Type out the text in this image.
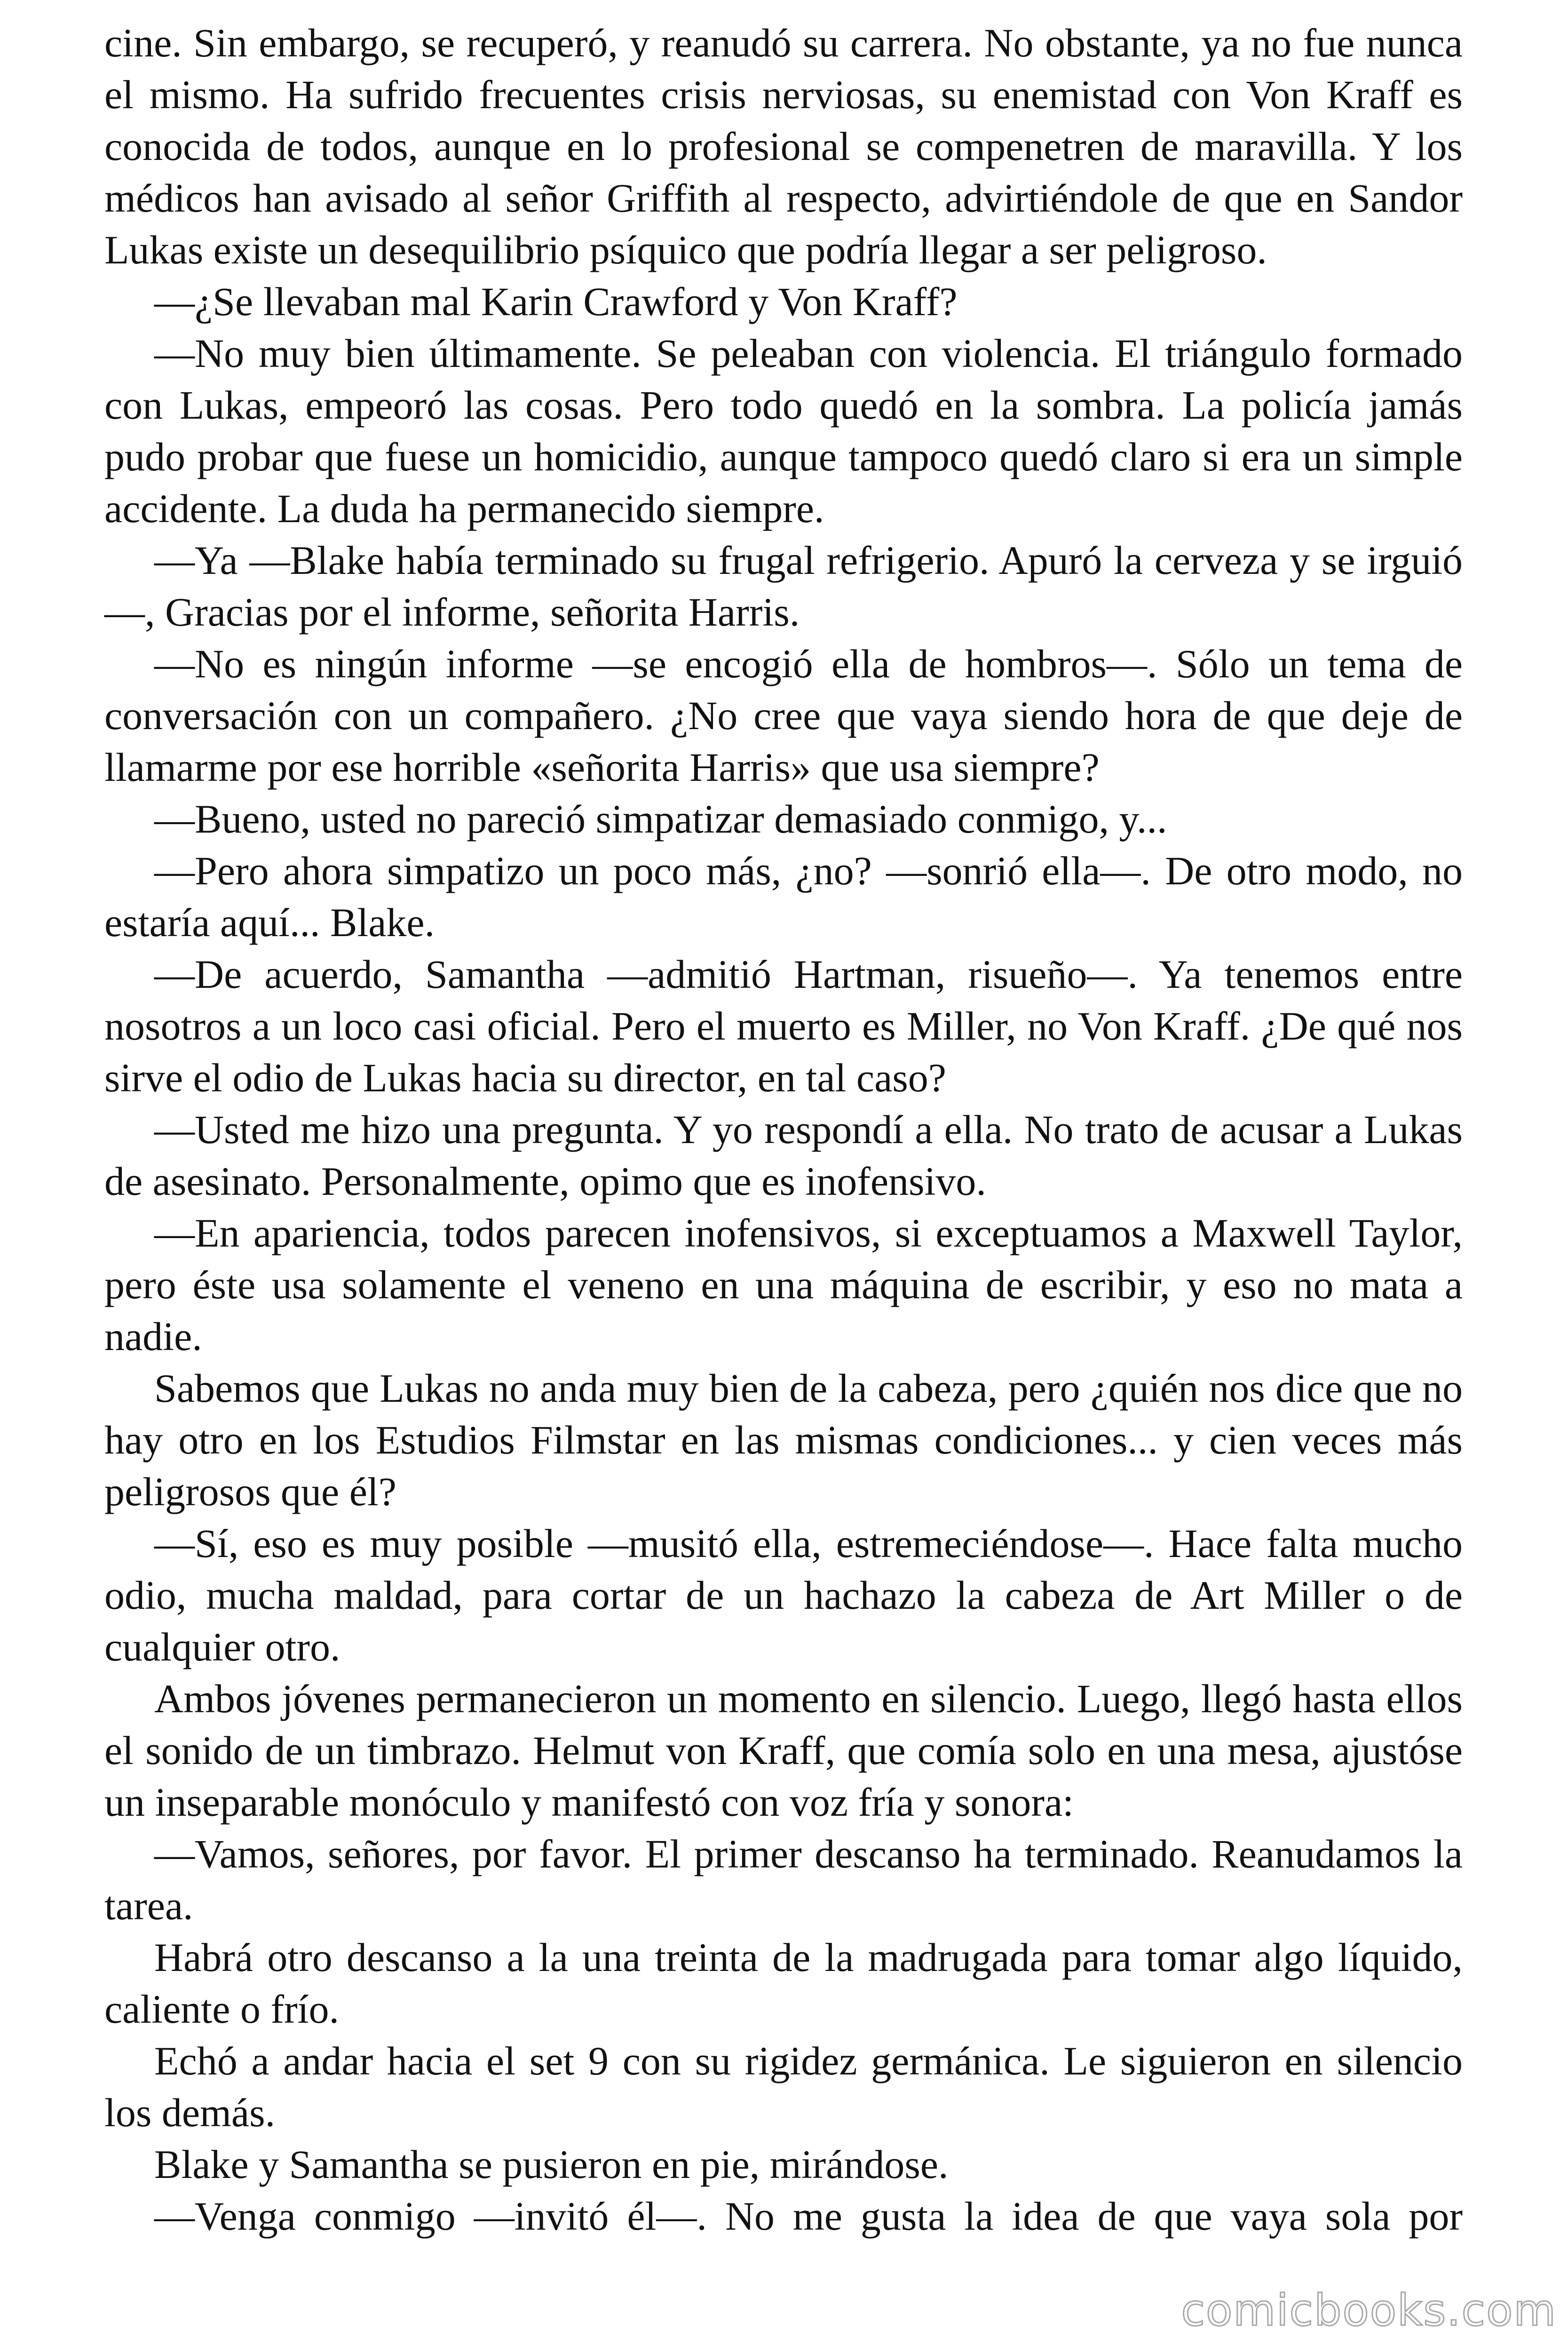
cine. Sin embargo, se recuperó, y reanudó su carrera. No obstante, ya no fue nunca el mismo. Ha sufrido frecuentes crisis nerviosas, su enemistad con Von Kraff es conocida de todos, aunque en lo profesional se compenetren de maravilla. Y los médicos han avisado al señor Griffith al respecto, advirtiéndole de que en Sandor Lukas existe un desequilibrio psíquico que podría llegar a ser peligroso.

—¿Se llevaban mal Karin Crawford y Von Kraff?

—No muy bien últimamente. Se peleaban con violencia. El triángulo formado con Lukas, empeoró las cosas. Pero todo quedó en la sombra. La policía jamás pudo probar que fuese un homicidio, aunque tampoco quedó claro si era un simple accidente. La duda ha permanecido siempre.

—Ya —Blake había terminado su frugal refrigerio. Apuró la cerveza y se irguió—, Gracias por el informe, señorita Harris.

—No es ningún informe —se encogió ella de hombros—. Sólo un tema de conversación con un compañero. ¿No cree que vaya siendo hora de que deje de llamarme por ese horrible «señorita Harris» que usa siempre?

—Bueno, usted no pareció simpatizar demasiado conmigo, y...

—Pero ahora simpatizo un poco más, ¿no? —sonrió ella—. De otro modo, no estaría aquí... Blake.

—De acuerdo, Samantha —admitió Hartman, risueño—. Ya tenemos entre nosotros a un loco casi oficial. Pero el muerto es Miller, no Von Kraff. ¿De qué nos sirve el odio de Lukas hacia su director, en tal caso?

—Usted me hizo una pregunta. Y yo respondí a ella. No trato de acusar a Lukas de asesinato. Personalmente, opimo que es inofensivo.

—En apariencia, todos parecen inofensivos, si exceptuamos a Maxwell Taylor, pero éste usa solamente el veneno en una máquina de escribir, y eso no mata a nadie.

Sabemos que Lukas no anda muy bien de la cabeza, pero ¿quién nos dice que no hay otro en los Estudios Filmstar en las mismas condiciones... y cien veces más peligrosos que él?

—Sí, eso es muy posible —musitó ella, estremeciéndose—. Hace falta mucho odio, mucha maldad, para cortar de un hachazo la cabeza de Art Miller o de cualquier otro.

Ambos jóvenes permanecieron un momento en silencio. Luego, llegó hasta ellos el sonido de un timbrazo. Helmut von Kraff, que comía solo en una mesa, ajustóse un inseparable monóculo y manifestó con voz fría y sonora:

—Vamos, señores, por favor. El primer descanso ha terminado. Reanudamos la tarea.

Habrá otro descanso a la una treinta de la madrugada para tomar algo líquido, caliente o frío.

Echó a andar hacia el set 9 con su rigidez germánica. Le siguieron en silencio los demás.

Blake y Samantha se pusieron en pie, mirándose.

—Venga conmigo —invitó él—. No me gusta la idea de que vaya sola por

comicbooks.com
